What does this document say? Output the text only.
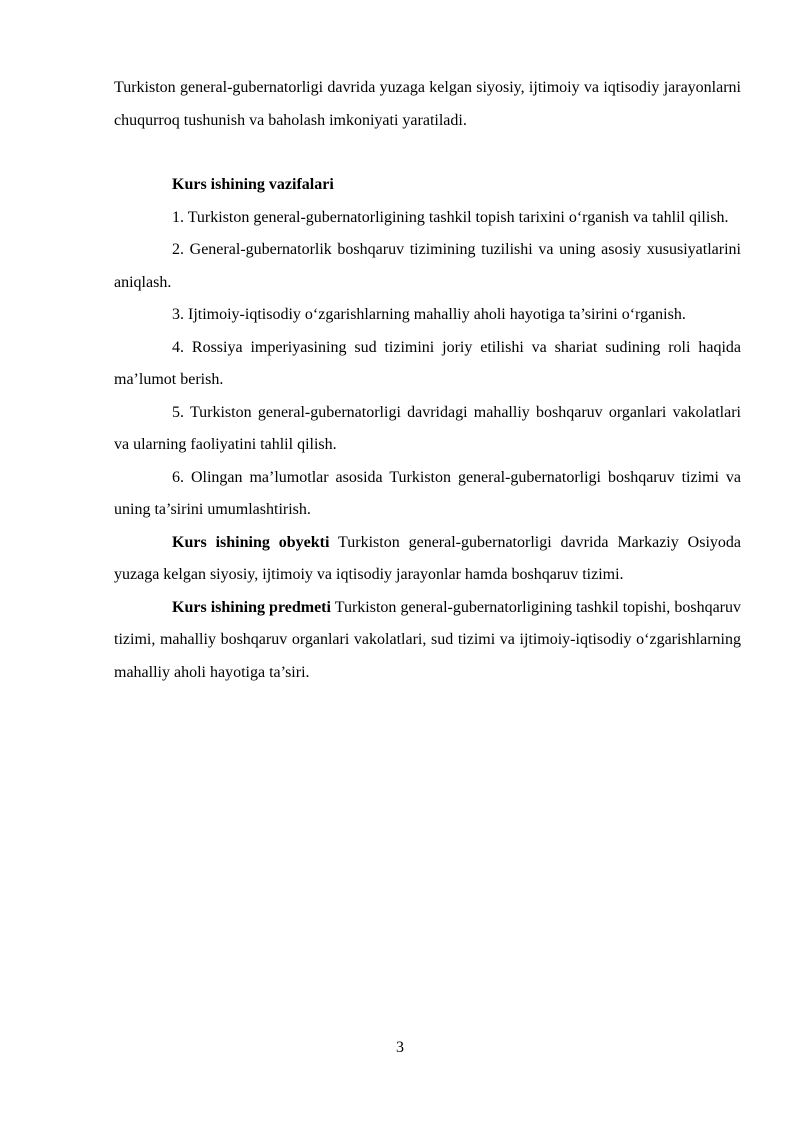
Turkiston general-gubernatorligi davrida yuzaga kelgan siyosiy, ijtimoiy va iqtisodiy jarayonlarni chuqurroq tushunish va baholash imkoniyati yaratiladi.

Kurs ishining vazifalari

1. Turkiston general-gubernatorligining tashkil topish tarixini o‘rganish va tahlil qilish.

2. General-gubernatorlik boshqaruv tizimining tuzilishi va uning asosiy xususiyatlarini aniqlash.

3. Ijtimoiy-iqtisodiy o‘zgarishlarning mahalliy aholi hayotiga ta’sirini o‘rganish.

4. Rossiya imperiyasining sud tizimini joriy etilishi va shariat sudining roli haqida ma’lumot berish.

5. Turkiston general-gubernatorligi davridagi mahalliy boshqaruv organlari vakolatlari va ularning faoliyatini tahlil qilish.

6. Olingan ma’lumotlar asosida Turkiston general-gubernatorligi boshqaruv tizimi va uning ta’sirini umumlashtirish.

Kurs ishining obyekti Turkiston general-gubernatorligi davrida Markaziy Osiyoda yuzaga kelgan siyosiy, ijtimoiy va iqtisodiy jarayonlar hamda boshqaruv tizimi.

Kurs ishining predmeti Turkiston general-gubernatorligining tashkil topishi, boshqaruv tizimi, mahalliy boshqaruv organlari vakolatlari, sud tizimi va ijtimoiy-iqtisodiy o‘zgarishlarning mahalliy aholi hayotiga ta’siri.

3
